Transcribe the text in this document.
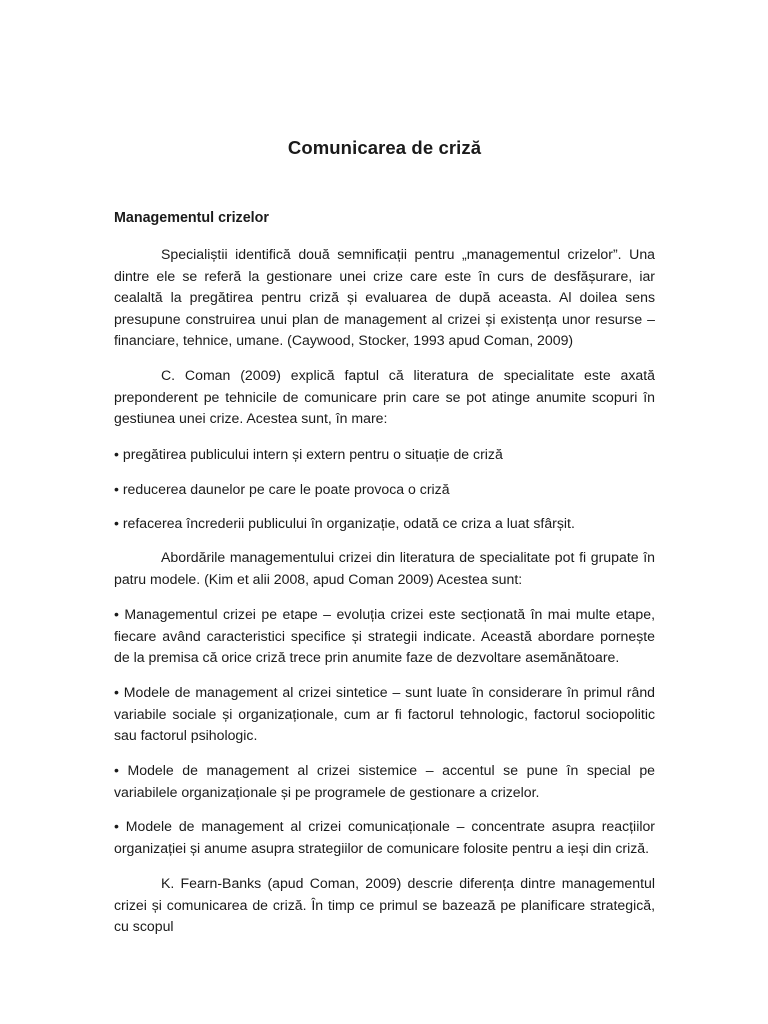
Comunicarea de criză
Managementul crizelor

Specialiștii identifică două semnificații pentru „managementul crizelor”. Una dintre ele se referă la gestionare unei crize care este în curs de desfășurare, iar cealaltă la pregătirea pentru criză și evaluarea de după aceasta. Al doilea sens presupune construirea unui plan de management al crizei și existența unor resurse – financiare, tehnice, umane. (Caywood, Stocker, 1993 apud Coman, 2009)

C. Coman (2009) explică faptul că literatura de specialitate este axată preponderent pe tehnicile de comunicare prin care se pot atinge anumite scopuri în gestiunea unei crize. Acestea sunt, în mare:

• pregătirea publicului intern și extern pentru o situație de criză

• reducerea daunelor pe care le poate provoca o criză

• refacerea încrederii publicului în organizație, odată ce criza a luat sfârșit.

Abordările managementului crizei din literatura de specialitate pot fi grupate în patru modele. (Kim et alii 2008, apud Coman 2009) Acestea sunt:

• Managementul crizei pe etape – evoluția crizei este secționată în mai multe etape, fiecare având caracteristici specifice și strategii indicate. Această abordare pornește de la premisa că orice criză trece prin anumite faze de dezvoltare asemănătoare.

• Modele de management al crizei sintetice – sunt luate în considerare în primul rând variabile sociale și organizaționale, cum ar fi factorul tehnologic, factorul sociopolitic sau factorul psihologic.

• Modele de management al crizei sistemice – accentul se pune în special pe variabilele organizaționale și pe programele de gestionare a crizelor.

• Modele de management al crizei comunicaționale – concentrate asupra reacțiilor organizației și anume asupra strategiilor de comunicare folosite pentru a ieși din criză.

K. Fearn-Banks (apud Coman, 2009) descrie diferența dintre managementul crizei și comunicarea de criză. În timp ce primul se bazează pe planificare strategică, cu scopul
